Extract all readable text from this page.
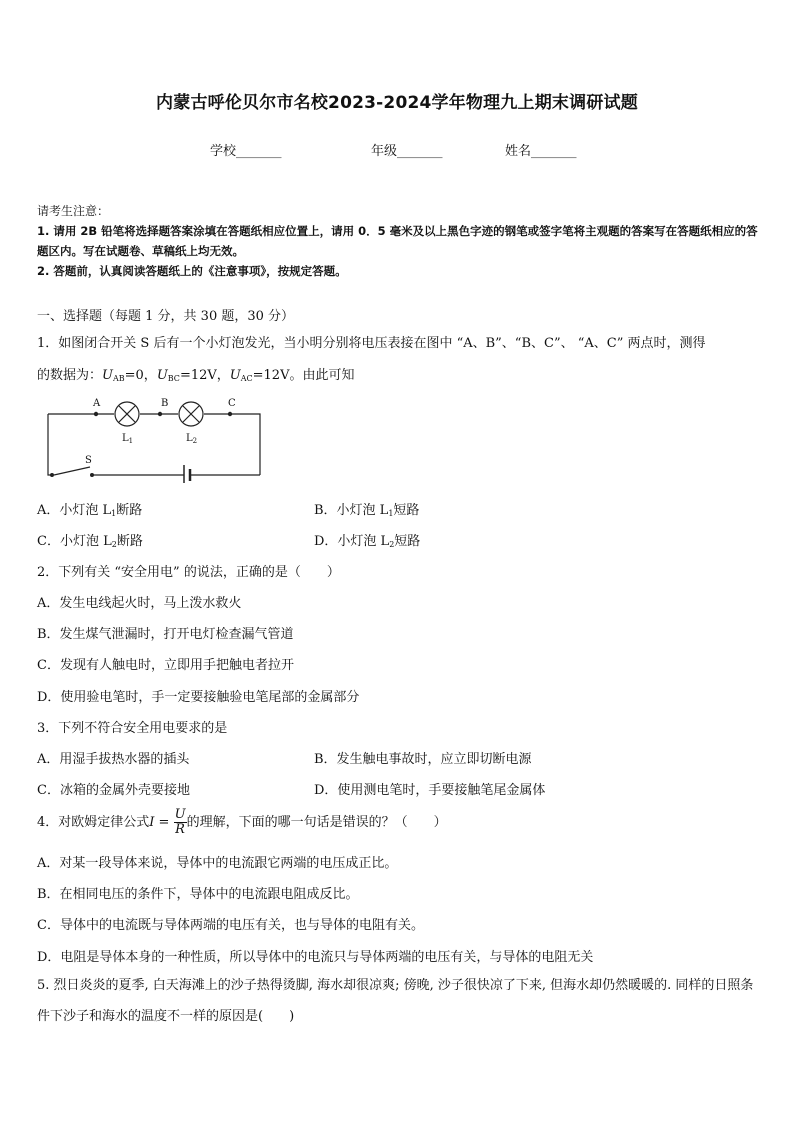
内蒙古呼伦贝尔市名校2023-2024学年物理九上期末调研试题
学校_______	年级_______	姓名_______
请考生注意：
1. 请用 2B 铅笔将选择题答案涂填在答题纸相应位置上，请用 0．5 毫米及以上黑色字迹的钢笔或签字笔将主观题的答案写在答题纸相应的答题区内。写在试题卷、草稿纸上均无效。
2. 答题前，认真阅读答题纸上的《注意事项》，按规定答题。
一、选择题（每题 1 分，共 30 题，30 分）
1．如图闭合开关 S 后有一个小灯泡发光，当小明分别将电压表接在图中 “A、B”、“B、C”、 “A、C” 两点时，测得
的数据为：$U_{AB}=0$，$U_{BC}=12V$，$U_{AC}=12V$。由此可知
A	B	C
S
$L_1$	$L_2$
A．小灯泡 $L_1$断路	B．小灯泡 $L_1$短路
C．小灯泡 $L_2$断路	D．小灯泡 $L_2$短路
2．下列有关 “安全用电” 的说法，正确的是（　　）
A．发生电线起火时，马上泼水救火
B．发生煤气泄漏时，打开电灯检查漏气管道
C．发现有人触电时，立即用手把触电者拉开
D．使用验电笔时，手一定要接触验电笔尾部的金属部分
3．下列不符合安全用电要求的是
A．用湿手拔热水器的插头	B．发生触电事故时，应立即切断电源
C．冰箱的金属外壳要接地	D．使用测电笔时，手要接触笔尾金属体
4．对欧姆定律公式$I = \frac{U}{R}$ 的理解，下面的哪一句话是错误的？（　　）
A．对某一段导体来说，导体中的电流跟它两端的电压成正比。
B．在相同电压的条件下，导体中的电流跟电阻成反比。
C．导体中的电流既与导体两端的电压有关，也与导体的电阻有关。
D．电阻是导体本身的一种性质，所以导体中的电流只与导体两端的电压有关，与导体的电阻无关
5. 烈日炎炎的夏季, 白天海滩上的沙子热得烫脚, 海水却很凉爽; 傍晚, 沙子很快凉了下来, 但海水却仍然暖暖的. 同样的日照条件下沙子和海水的温度不一样的原因是(　　)
